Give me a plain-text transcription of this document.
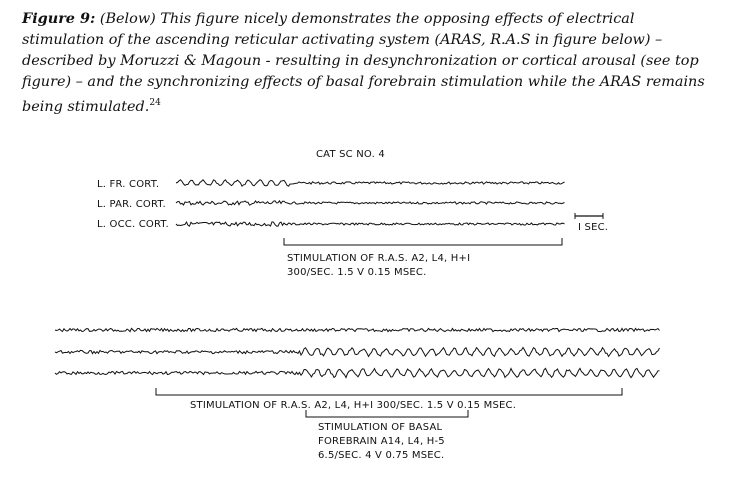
Figure 9: (Below) This figure nicely demonstrates the opposing effects of electrical stimulation of the ascending reticular activating system (ARAS, R.A.S in figure below) – described by Moruzzi & Magoun - resulting in desynchronization or cortical arousal (see top figure) – and the synchronizing effects of basal forebrain stimulation while the ARAS remains being stimulated.$^{24}$
CAT SC NO. 4
L. FR. CORT.
L. PAR. CORT.
L. OCC. CORT.	I SEC.
STIMULATION OF R.A.S. A2, L4, H+I
300/SEC. 1.5 V 0.15 MSEC.
STIMULATION OF R.A.S. A2, L4, H+I 300/SEC. 1.5 V 0.15 MSEC.
STIMULATION OF BASAL
FOREBRAIN A14, L4, H-5
6.5/SEC. 4 V 0.75 MSEC.
